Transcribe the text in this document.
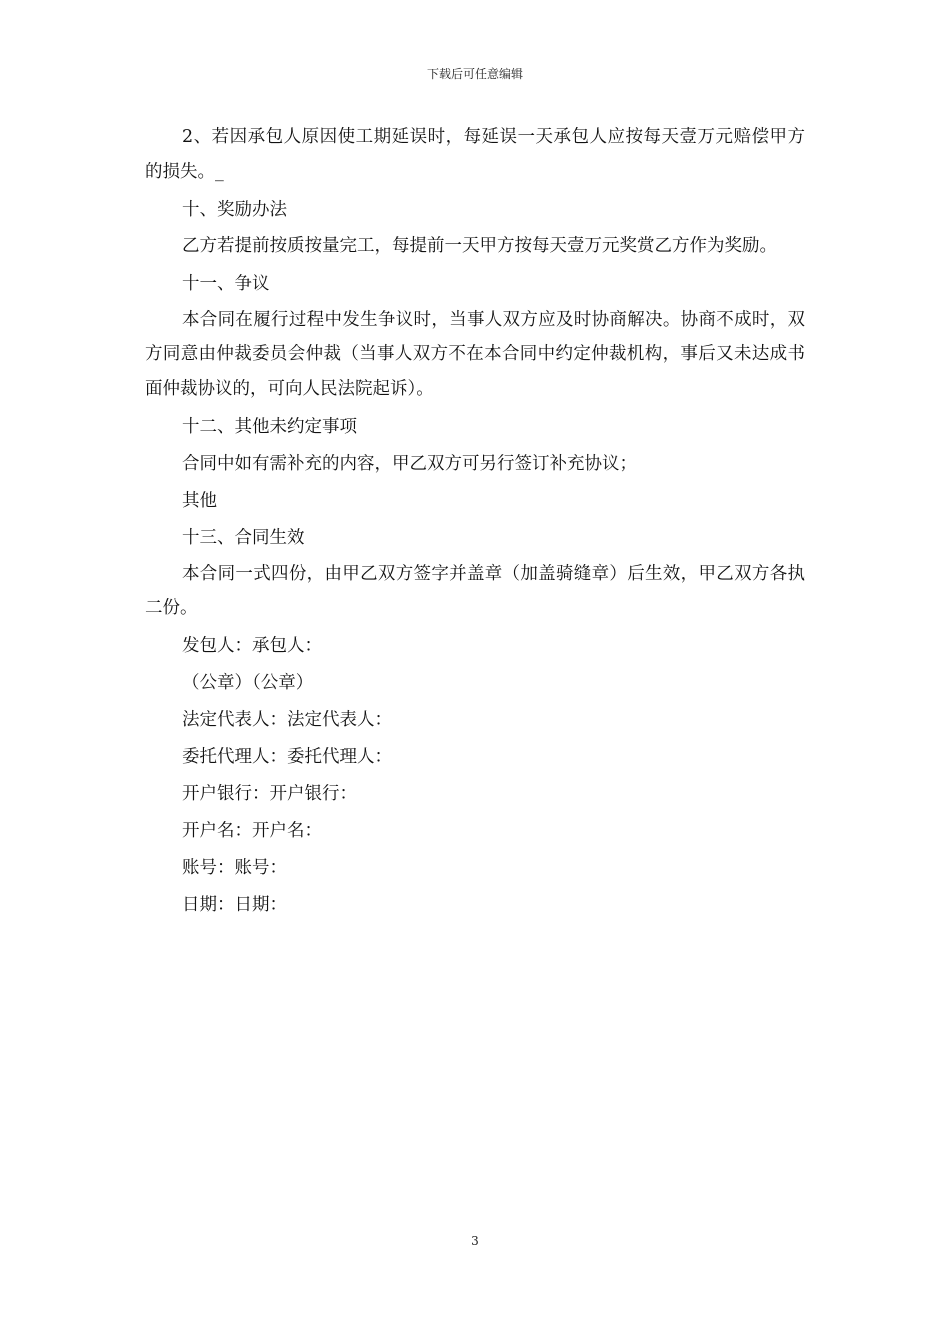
下载后可任意编辑

2、若因承包人原因使工期延误时，每延误一天承包人应按每天壹万元赔偿甲方的损失。_

十、奖励办法

乙方若提前按质按量完工，每提前一天甲方按每天壹万元奖赏乙方作为奖励。

十一、争议

本合同在履行过程中发生争议时，当事人双方应及时协商解决。协商不成时，双方同意由仲裁委员会仲裁（当事人双方不在本合同中约定仲裁机构，事后又未达成书面仲裁协议的，可向人民法院起诉）。

十二、其他未约定事项

合同中如有需补充的内容，甲乙双方可另行签订补充协议；

其他

十三、合同生效

本合同一式四份，由甲乙双方签字并盖章（加盖骑缝章）后生效，甲乙双方各执二份。

发包人：承包人：

（公章）（公章）

法定代表人：法定代表人：

委托代理人：委托代理人：

开户银行：开户银行：

开户名：开户名：

账号：账号：

日期：日期：

3
